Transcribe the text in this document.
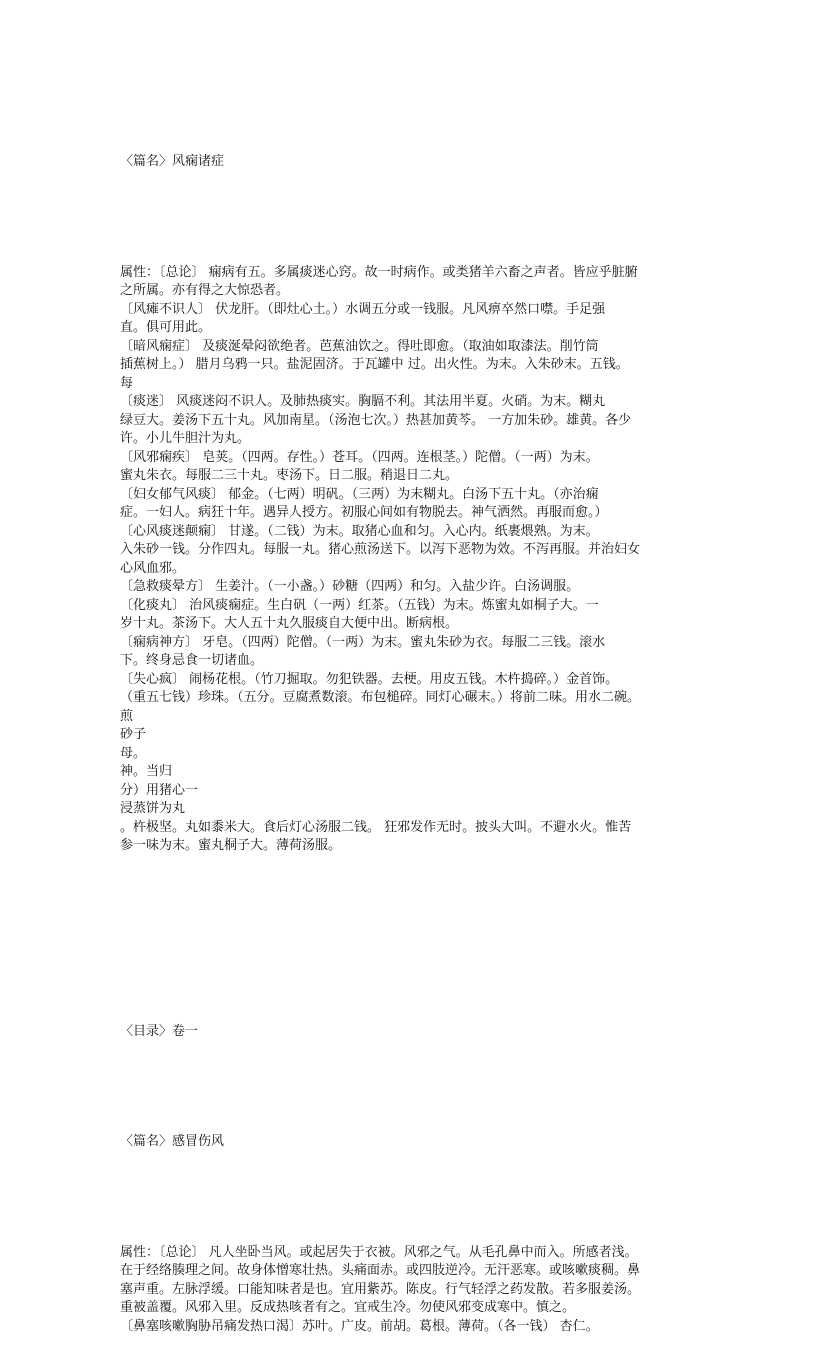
〈篇名〉风痫诸症

属性：〔总论〕 痫病有五。多属痰迷心窍。故一时病作。或类猪羊六畜之声者。皆应乎脏腑
之所属。亦有得之大惊恐者。
〔风瘫不识人〕 伏龙肝。（即灶心土。）水调五分或一钱服。凡风痹卒然口噤。手足强
直。俱可用此。
〔暗风痫症〕 及痰涎晕闷欲绝者。芭蕉油饮之。得吐即愈。（取油如取漆法。削竹筒
插蕉树上。） 腊月乌鸦一只。盐泥固济。于瓦罐中 过。出火性。为末。入朱砂末。五钱。
每
〔痰迷〕 风痰迷闷不识人。及肺热痰实。胸膈不利。其法用半夏。火硝。为末。糊丸
绿豆大。姜汤下五十丸。风加南星。（汤泡七次。）热甚加黄芩。 一方加朱砂。雄黄。各少
许。小儿牛胆汁为丸。
〔风邪痫疾〕 皂荚。（四两。存性。）苍耳。（四两。连根茎。）陀僧。（一两）为末。
蜜丸朱衣。每服二三十丸。枣汤下。日二服。稍退日二丸。
〔妇女郁气风痰〕 郁金。（七两）明矾。（三两）为末糊丸。白汤下五十丸。（亦治痫
症。一妇人。病狂十年。遇异人授方。初服心间如有物脱去。神气洒然。再服而愈。）
〔心风痰迷颠痫〕 甘遂。（二钱）为末。取猪心血和匀。入心内。纸裹煨熟。为末。
入朱砂一钱。分作四丸。每服一丸。猪心煎汤送下。以泻下恶物为效。不泻再服。并治妇女
心风血邪。
〔急救痰晕方〕 生姜汁。（一小盏。）砂糖（四两）和匀。入盐少许。白汤调服。
〔化痰丸〕 治风痰痫症。生白矾（一两）红茶。（五钱）为末。炼蜜丸如桐子大。一
岁十丸。茶汤下。大人五十丸久服痰自大便中出。断病根。
〔痫病神方〕 牙皂。（四两）陀僧。（一两）为末。蜜丸朱砂为衣。每服二三钱。滚水
下。终身忌食一切诸血。
〔失心疯〕 闹杨花根。（竹刀掘取。勿犯铁器。去梗。用皮五钱。木杵捣碎。）金首饰。
（重五七钱）珍珠。（五分。豆腐煮数滚。布包槌碎。同灯心碾末。）将前二味。用水二碗。
煎
砂子
母。
神。当归
分）用猪心一
浸蒸饼为丸
。杵极坚。丸如黍米大。食后灯心汤服二钱。 狂邪发作无时。披头大叫。不避水火。惟苦
参一味为末。蜜丸桐子大。薄荷汤服。

〈目录〉卷一

〈篇名〉感冒伤风

属性：〔总论〕 凡人坐卧当风。或起居失于衣被。风邪之气。从毛孔鼻中而入。所感者浅。
在于经络腠理之间。故身体憎寒壮热。头痛面赤。或四肢逆冷。无汗恶寒。或咳嗽痰稠。鼻
塞声重。左脉浮缓。口能知味者是也。宜用紫苏。陈皮。行气轻浮之药发散。若多服姜汤。
重被盖覆。风邪入里。反成热咳者有之。宜戒生冷。勿使风邪变成寒中。慎之。
〔鼻塞咳嗽胸胁吊痛发热口渴〕苏叶。广皮。前胡。葛根。薄荷。（各一钱） 杏仁。
